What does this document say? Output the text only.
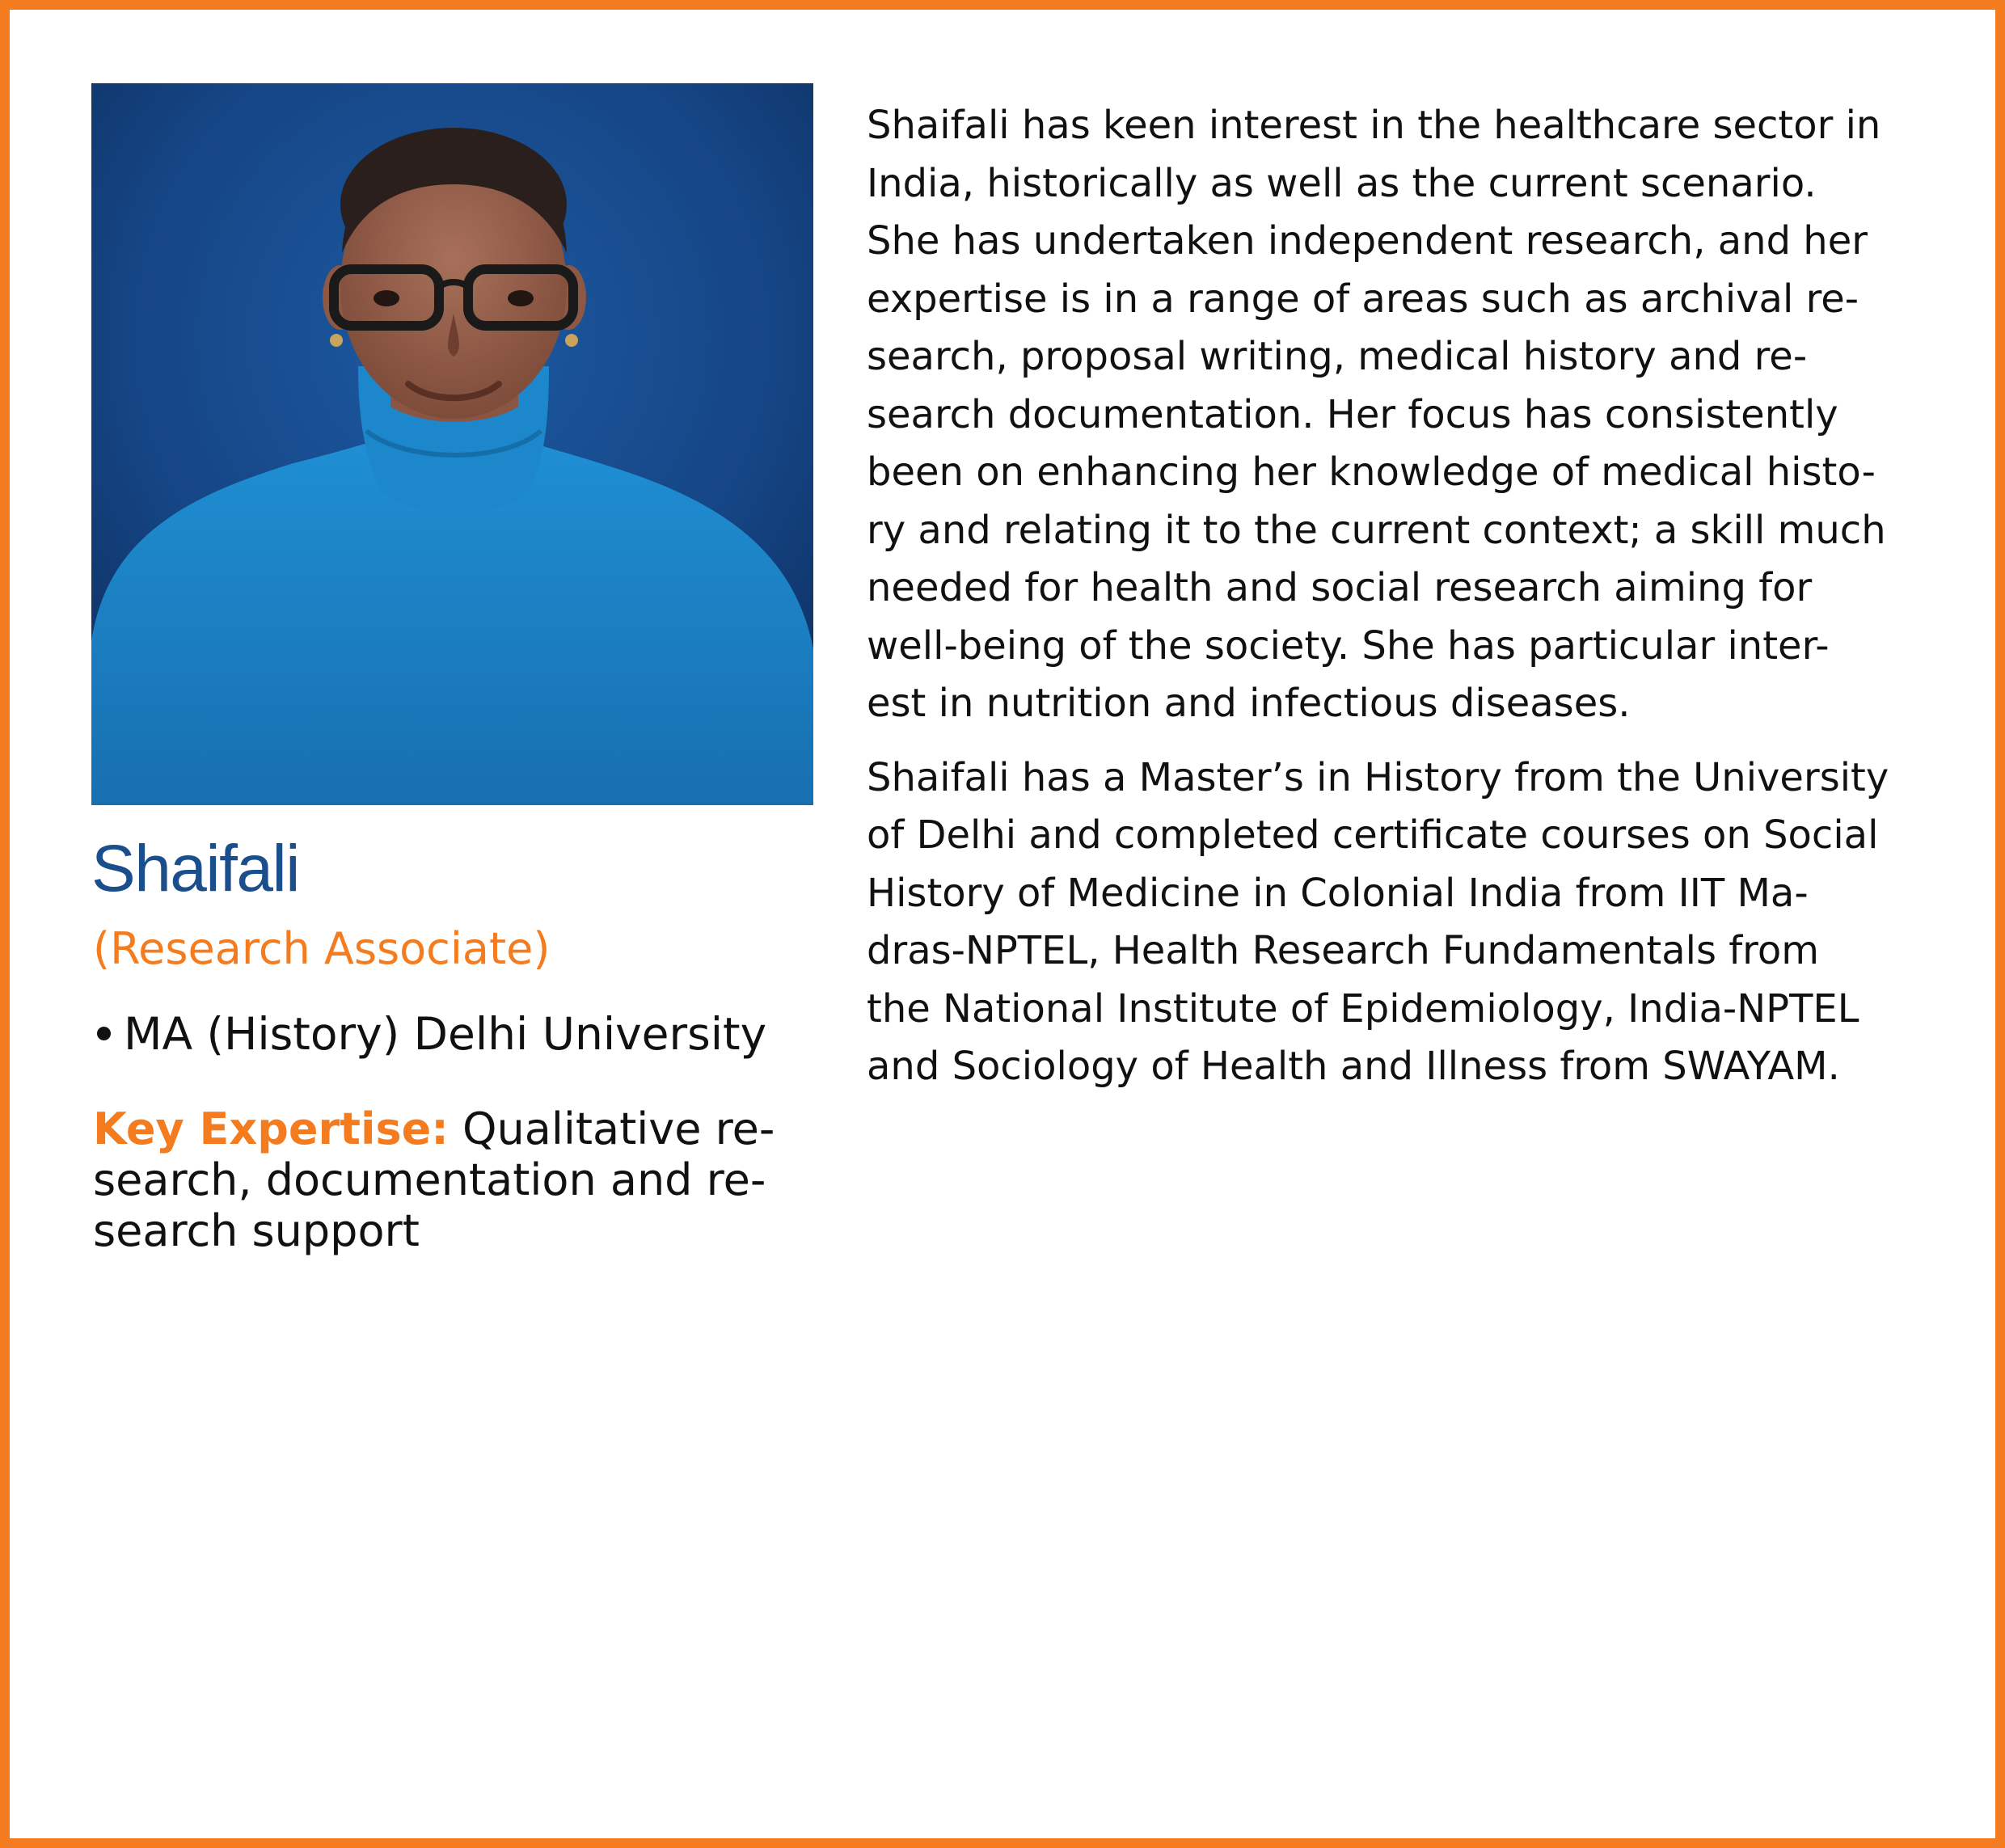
Shaifali
(Research Associate)
MA (History) Delhi University
Key Expertise: Qualitative re-
search, documentation and re-
search support

Shaifali has keen interest in the healthcare sector in
India, historically as well as the current scenario.
She has undertaken independent research, and her
expertise is in a range of areas such as archival re-
search, proposal writing, medical history and re-
search documentation. Her focus has consistently
been on enhancing her knowledge of medical histo-
ry and relating it to the current context; a skill much
needed for health and social research aiming for
well-being of the society. She has particular inter-
est in nutrition and infectious diseases.

Shaifali has a Master’s in History from the University
of Delhi and completed certificate courses on Social
History of Medicine in Colonial India from IIT Ma-
dras-NPTEL, Health Research Fundamentals from
the National Institute of Epidemiology, India-NPTEL
and Sociology of Health and Illness from SWAYAM.
